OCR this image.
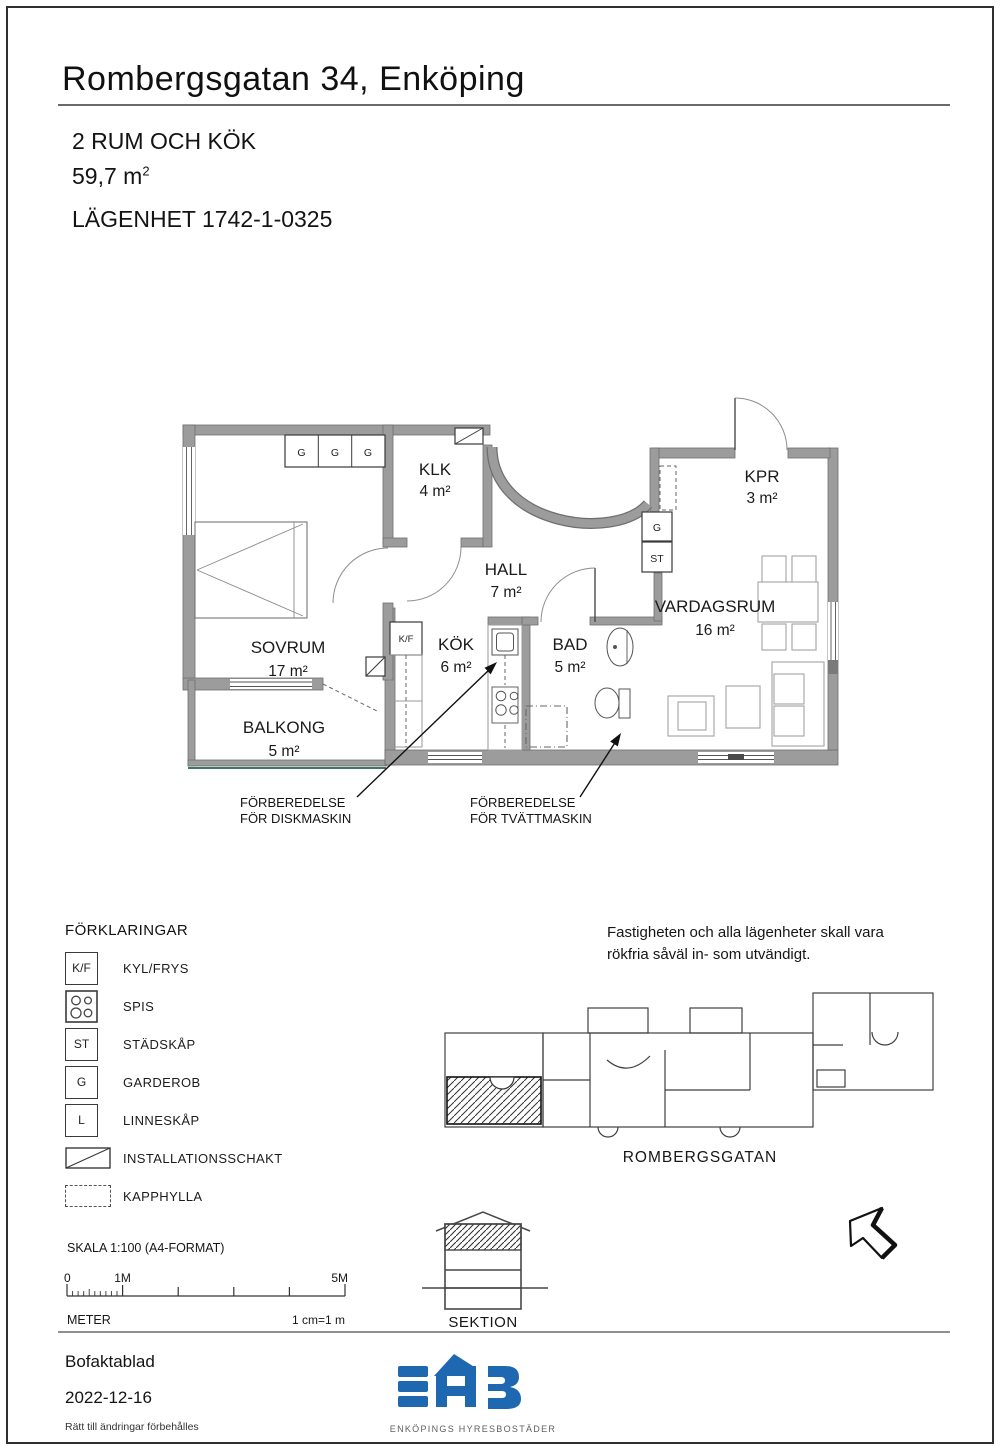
Rombergsgatan 34, Enköping
2 RUM OCH KÖK
59,7 $m^2$
LÄGENHET 1742-1-0325
G G G
G
ST
K/F
KLK
4 m²
HALL
7 m²
KPR
3 m²
VARDAGSRUM
16 m²
SOVRUM
17 m²
KÖK
6 m²
BAD
5 m²
BALKONG
5 m²
FÖRBEREDELSE
FÖR DISKMASKIN
FÖRBEREDELSE
FÖR TVÄTTMASKIN
FÖRKLARINGAR
K/F KYL/FRYS
SPIS
ST	STÄDSKÅP
G	GARDEROB
L	LINNESKÅP
INSTALLATIONSSCHAKT
KAPPHYLLA
Fastigheten och alla lägenheter skall vara
rökfria såväl in- som utvändigt.
ROMBERGSGATAN
SKALA 1:100 (A4-FORMAT)
0	1M	5M
METER	1 cm=1 m	SEKTION
Bofaktablad
2022-12-16
Rätt till ändringar förbehålles	ENKÖPINGS HYRESBOSTÄDER
